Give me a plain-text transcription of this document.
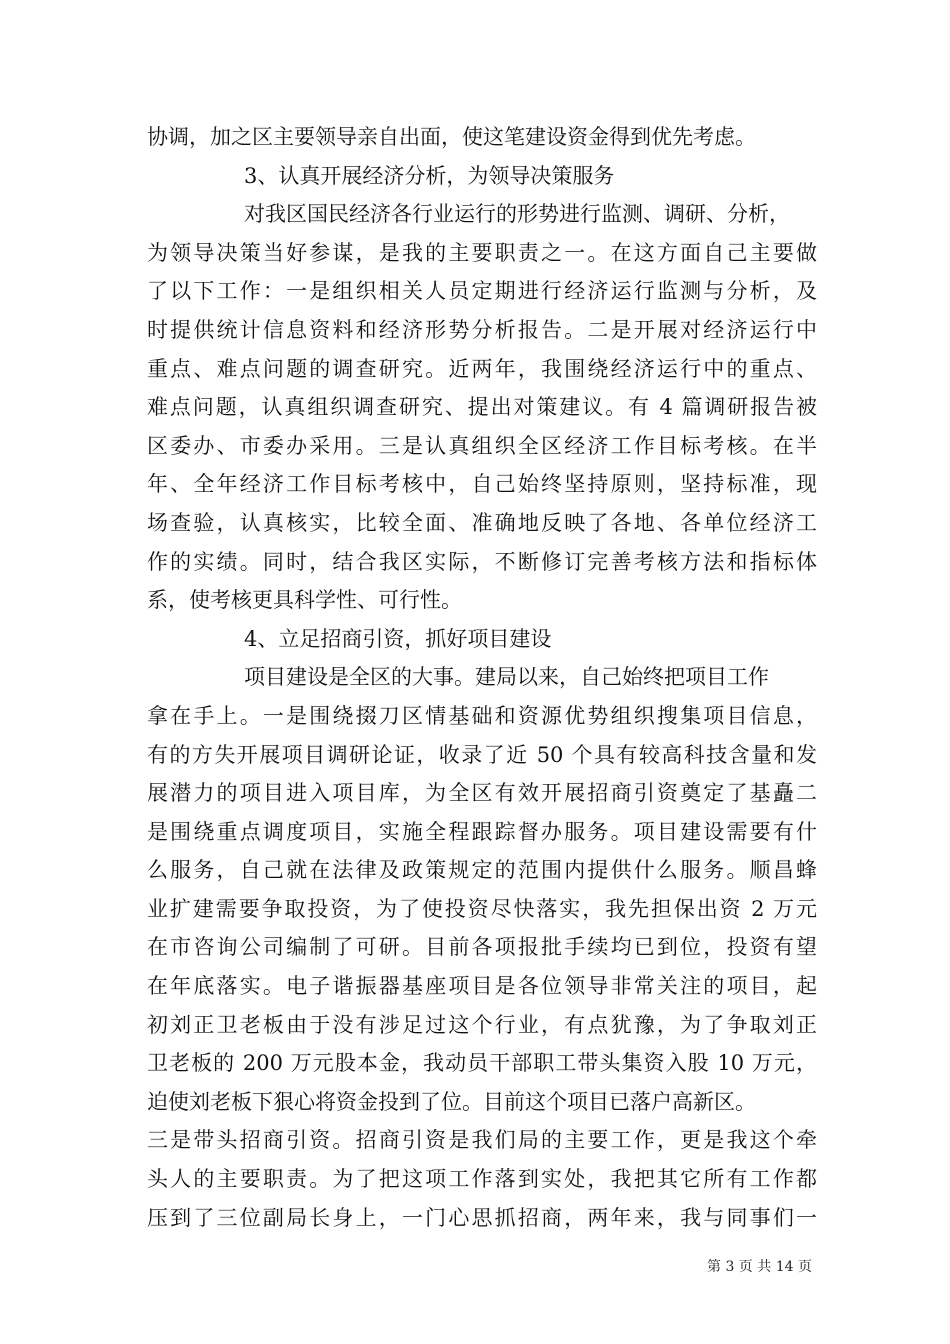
协调，加之区主要领导亲自出面，使这笔建设资金得到优先考虑。
3、认真开展经济分析，为领导决策服务
对我区国民经济各行业运行的形势进行监测、调研、分析，
为领导决策当好参谋，是我的主要职责之一。在这方面自己主要做
了以下工作：一是组织相关人员定期进行经济运行监测与分析，及
时提供统计信息资料和经济形势分析报告。二是开展对经济运行中
重点、难点问题的调查研究。近两年，我围绕经济运行中的重点、
难点问题，认真组织调查研究、提出对策建议。有 4 篇调研报告被
区委办、市委办采用。三是认真组织全区经济工作目标考核。在半
年、全年经济工作目标考核中，自己始终坚持原则，坚持标准，现
场查验，认真核实，比较全面、准确地反映了各地、各单位经济工
作的实绩。同时，结合我区实际，不断修订完善考核方法和指标体
系，使考核更具科学性、可行性。
4、立足招商引资，抓好项目建设
项目建设是全区的大事。建局以来，自己始终把项目工作
拿在手上。一是围绕掇刀区情基础和资源优势组织搜集项目信息，
有的方失开展项目调研论证，收录了近 50 个具有较高科技含量和发
展潜力的项目进入项目库，为全区有效开展招商引资奠定了基矗二
是围绕重点调度项目，实施全程跟踪督办服务。项目建设需要有什
么服务，自己就在法律及政策规定的范围内提供什么服务。顺昌蜂
业扩建需要争取投资，为了使投资尽快落实，我先担保出资 2 万元
在市咨询公司编制了可研。目前各项报批手续均已到位，投资有望
在年底落实。电子谐振器基座项目是各位领导非常关注的项目，起
初刘正卫老板由于没有涉足过这个行业，有点犹豫，为了争取刘正
卫老板的 200 万元股本金，我动员干部职工带头集资入股 10 万元，
迫使刘老板下狠心将资金投到了位。目前这个项目已落户高新区。
三是带头招商引资。招商引资是我们局的主要工作，更是我这个牵
头人的主要职责。为了把这项工作落到实处，我把其它所有工作都
压到了三位副局长身上，一门心思抓招商，两年来，我与同事们一
第 3 页 共 14 页
